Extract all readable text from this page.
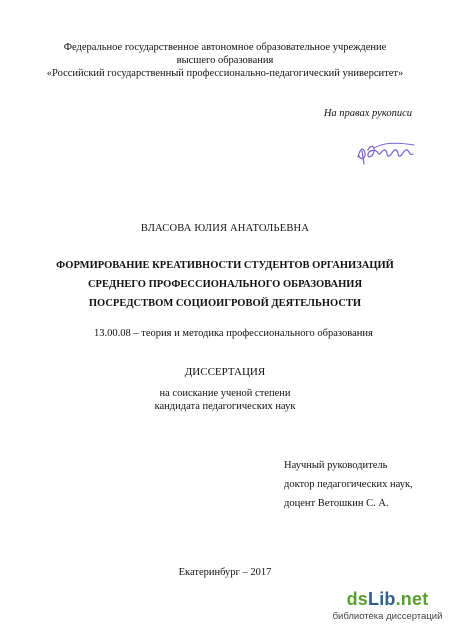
Федеральное государственное автономное образовательное учреждение
высшего образования
«Российский государственный профессионально-педагогический университет»
На правах рукописи
ВЛАСОВА ЮЛИЯ АНАТОЛЬЕВНА
ФОРМИРОВАНИЕ КРЕАТИВНОСТИ СТУДЕНТОВ ОРГАНИЗАЦИЙ
СРЕДНЕГО ПРОФЕССИОНАЛЬНОГО ОБРАЗОВАНИЯ
ПОСРЕДСТВОМ СОЦИОИГРОВОЙ ДЕЯТЕЛЬНОСТИ
13.00.08 – теория и методика профессионального образования
ДИССЕРТАЦИЯ
на соискание ученой степени
кандидата педагогических наук
Научный руководитель
доктор педагогических наук,
доцент Ветошкин С. А.
Екатеринбург – 2017
dsLib.net
библиотека диссертаций
